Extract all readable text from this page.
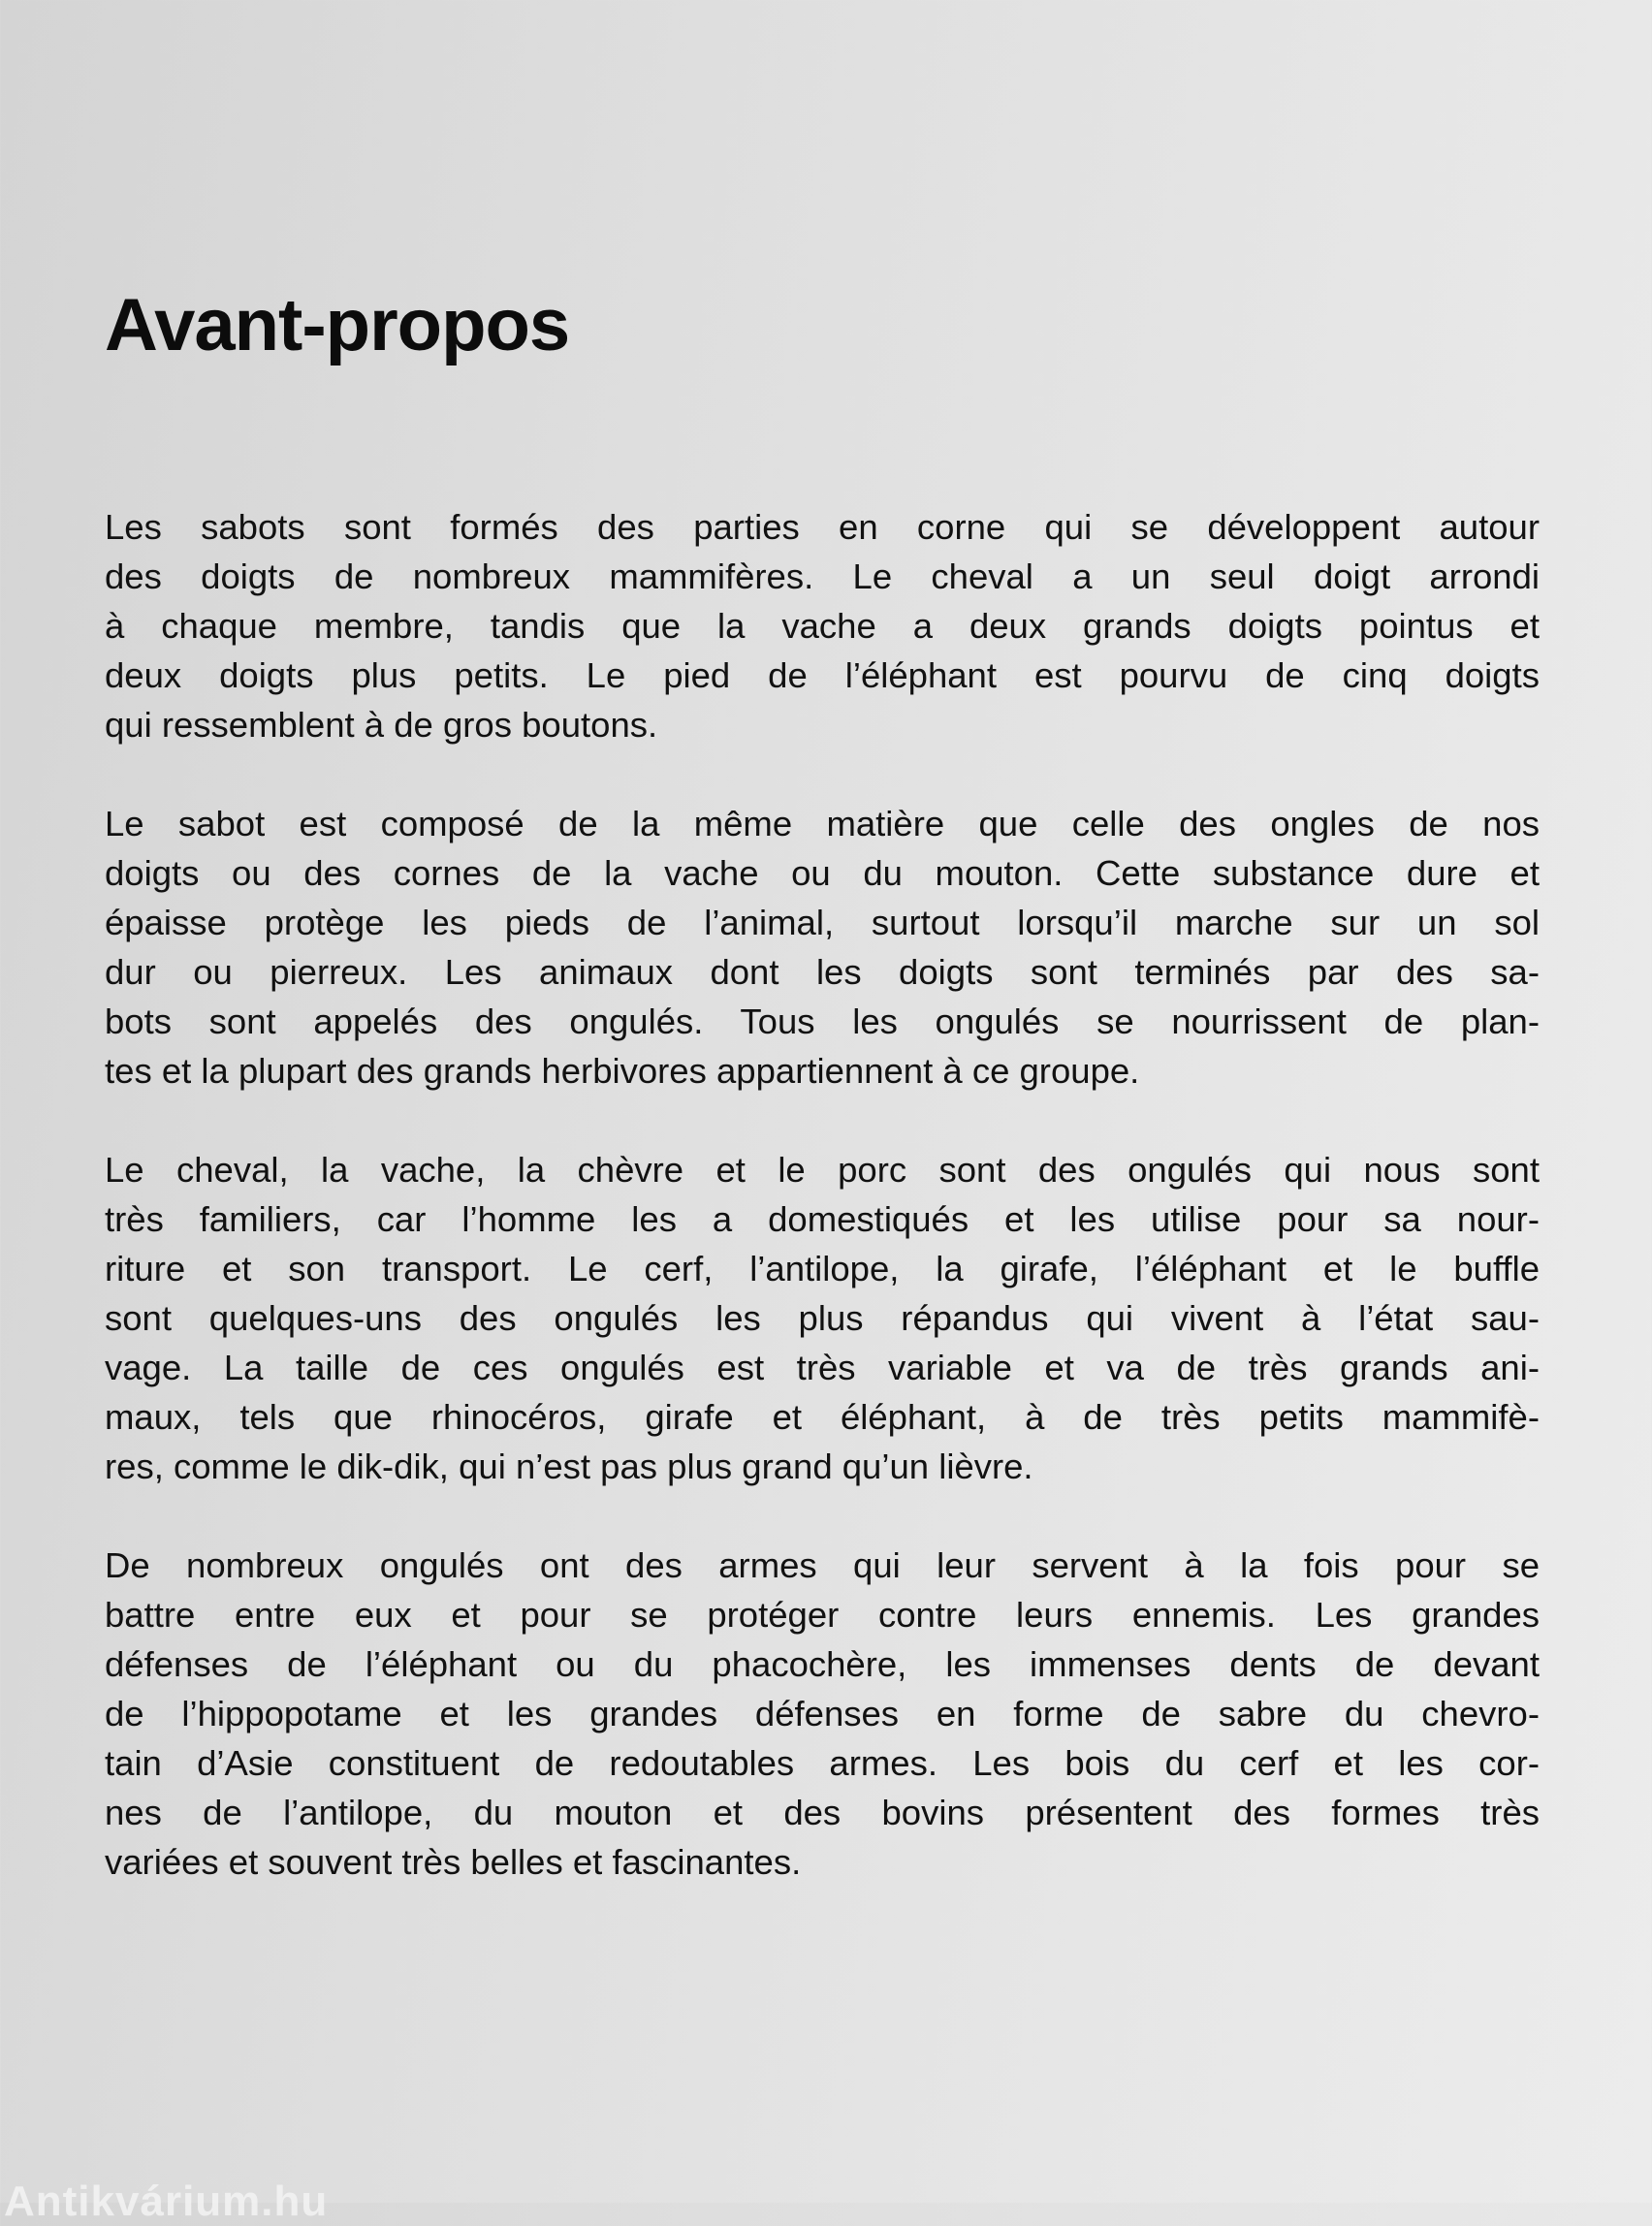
Avant-propos

Les sabots sont formés des parties en corne qui se développent autour
des doigts de nombreux mammifères. Le cheval a un seul doigt arrondi
à chaque membre, tandis que la vache a deux grands doigts pointus et
deux doigts plus petits. Le pied de l’éléphant est pourvu de cinq doigts
qui ressemblent à de gros boutons.

Le sabot est composé de la même matière que celle des ongles de nos
doigts ou des cornes de la vache ou du mouton. Cette substance dure et
épaisse protège les pieds de l’animal, surtout lorsqu’il marche sur un sol
dur ou pierreux. Les animaux dont les doigts sont terminés par des sa-
bots sont appelés des ongulés. Tous les ongulés se nourrissent de plan-
tes et la plupart des grands herbivores appartiennent à ce groupe.

Le cheval, la vache, la chèvre et le porc sont des ongulés qui nous sont
très familiers, car l’homme les a domestiqués et les utilise pour sa nour-
riture et son transport. Le cerf, l’antilope, la girafe, l’éléphant et le buffle
sont quelques-uns des ongulés les plus répandus qui vivent à l’état sau-
vage. La taille de ces ongulés est très variable et va de très grands ani-
maux, tels que rhinocéros, girafe et éléphant, à de très petits mammifè-
res, comme le dik-dik, qui n’est pas plus grand qu’un lièvre.

De nombreux ongulés ont des armes qui leur servent à la fois pour se
battre entre eux et pour se protéger contre leurs ennemis. Les grandes
défenses de l’éléphant ou du phacochère, les immenses dents de devant
de l’hippopotame et les grandes défenses en forme de sabre du chevro-
tain d’Asie constituent de redoutables armes. Les bois du cerf et les cor-
nes de l’antilope, du mouton et des bovins présentent des formes très
variées et souvent très belles et fascinantes.

Antikvárium.hu
